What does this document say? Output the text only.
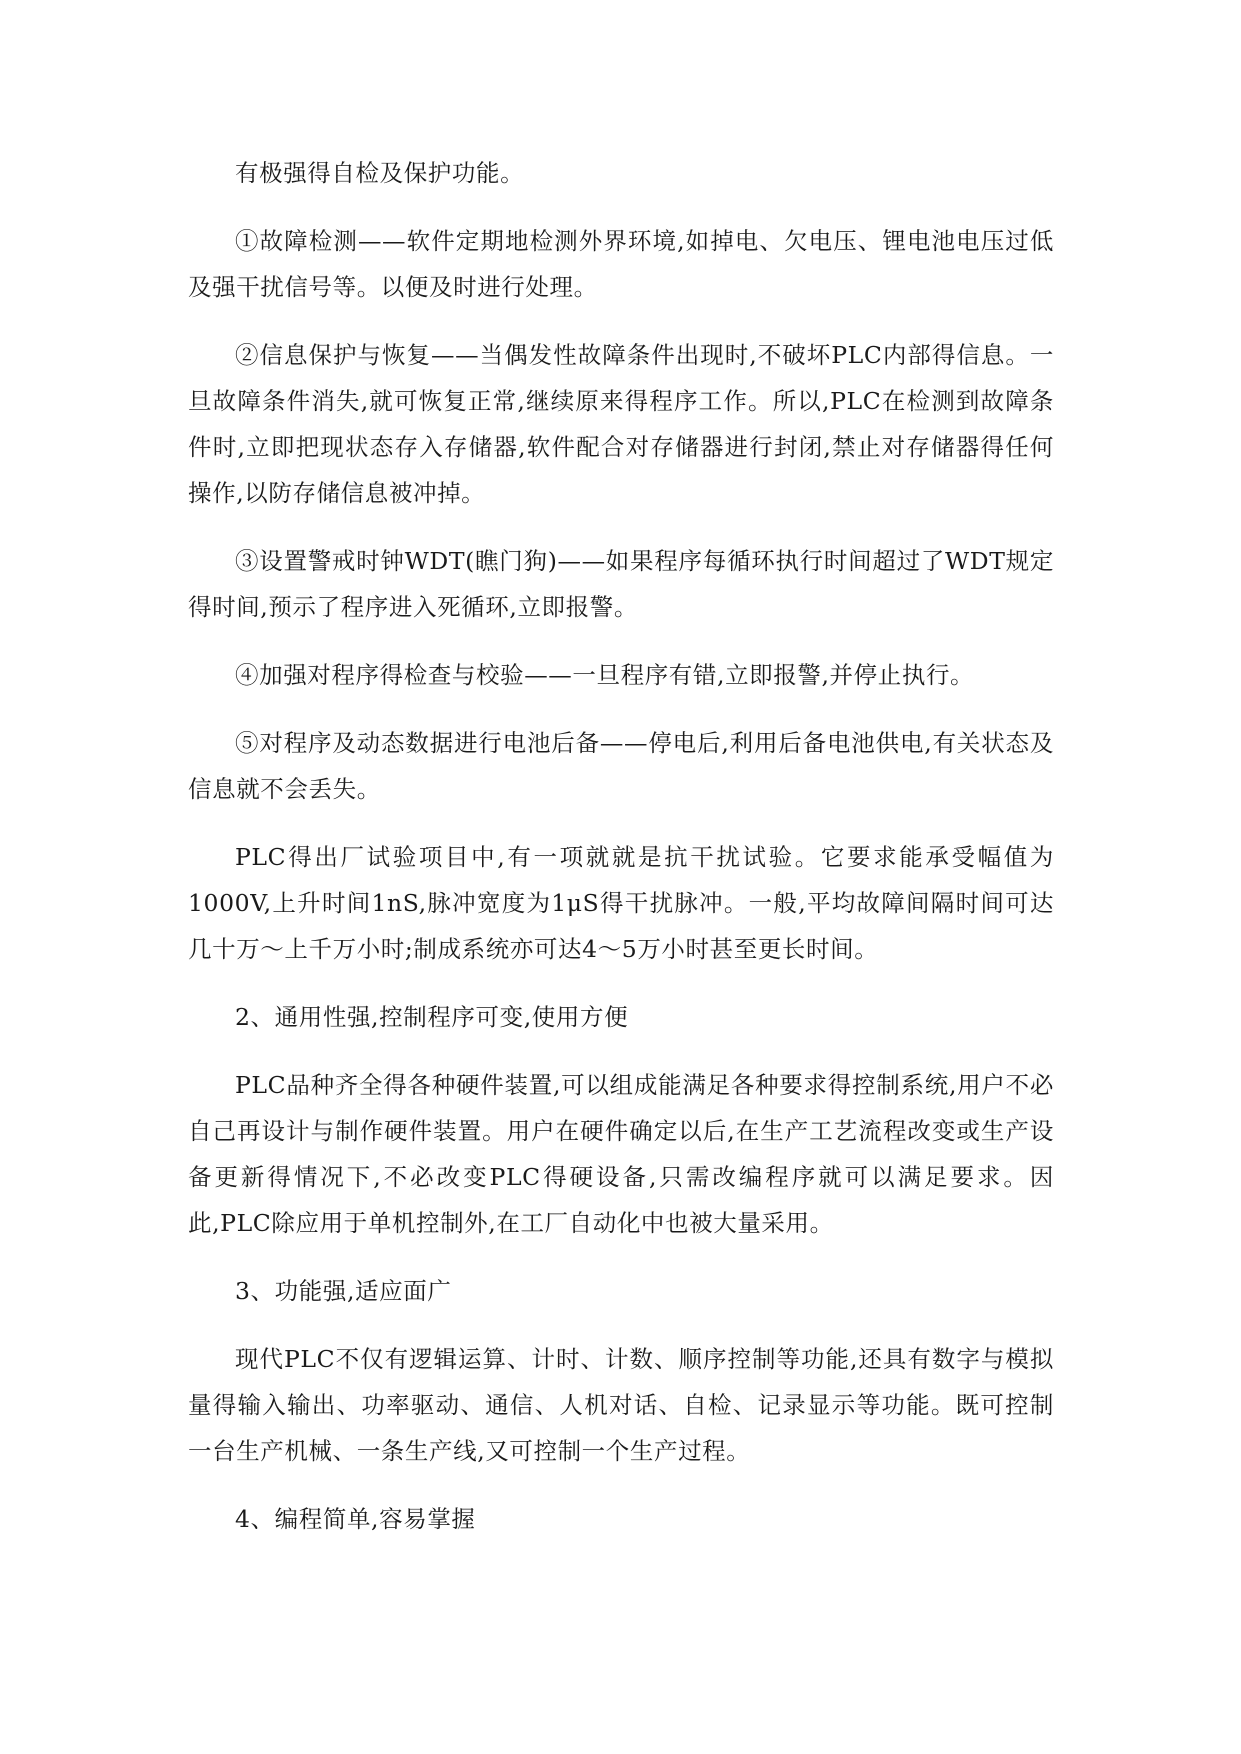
有极强得自检及保护功能。

①故障检测——软件定期地检测外界环境,如掉电、欠电压、锂电池电压过低及强干扰信号等。以便及时进行处理。

②信息保护与恢复——当偶发性故障条件出现时,不破坏PLC内部得信息。一旦故障条件消失,就可恢复正常,继续原来得程序工作。所以,PLC在检测到故障条件时,立即把现状态存入存储器,软件配合对存储器进行封闭,禁止对存储器得任何操作,以防存储信息被冲掉。

③设置警戒时钟WDT(瞧门狗)——如果程序每循环执行时间超过了WDT规定得时间,预示了程序进入死循环,立即报警。

④加强对程序得检查与校验——一旦程序有错,立即报警,并停止执行。

⑤对程序及动态数据进行电池后备——停电后,利用后备电池供电,有关状态及信息就不会丢失。

PLC得出厂试验项目中,有一项就就是抗干扰试验。它要求能承受幅值为1000V,上升时间1nS,脉冲宽度为1μS得干扰脉冲。一般,平均故障间隔时间可达几十万～上千万小时;制成系统亦可达4～5万小时甚至更长时间。

2、通用性强,控制程序可变,使用方便

PLC品种齐全得各种硬件装置,可以组成能满足各种要求得控制系统,用户不必自己再设计与制作硬件装置。用户在硬件确定以后,在生产工艺流程改变或生产设备更新得情况下,不必改变PLC得硬设备,只需改编程序就可以满足要求。因此,PLC除应用于单机控制外,在工厂自动化中也被大量采用。

3、功能强,适应面广

现代PLC不仅有逻辑运算、计时、计数、顺序控制等功能,还具有数字与模拟量得输入输出、功率驱动、通信、人机对话、自检、记录显示等功能。既可控制一台生产机械、一条生产线,又可控制一个生产过程。

4、编程简单,容易掌握
